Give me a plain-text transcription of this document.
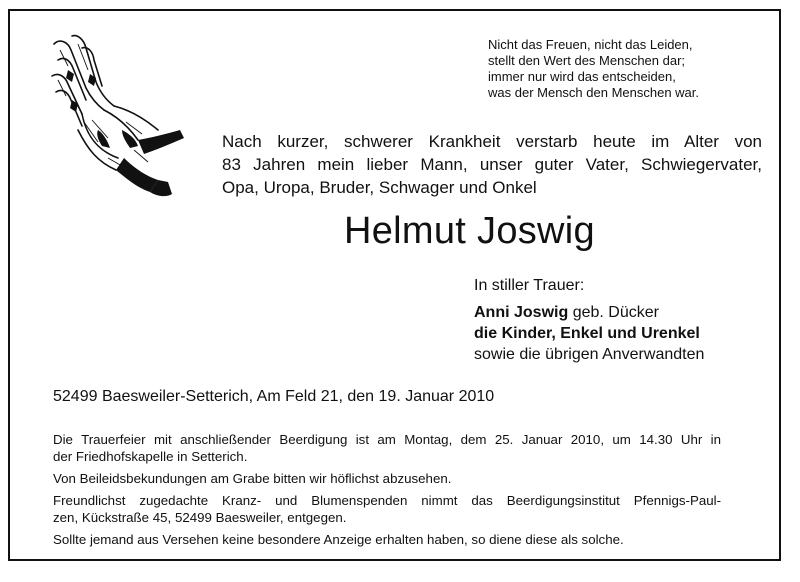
Nicht das Freuen, nicht das Leiden,
stellt den Wert des Menschen dar;
immer nur wird das entscheiden,
was der Mensch den Menschen war.
Nach kurzer, schwerer Krankheit verstarb heute im Alter von
83 Jahren mein lieber Mann, unser guter Vater, Schwiegervater,
Opa, Uropa, Bruder, Schwager und Onkel
Helmut Joswig
In stiller Trauer:
Anni Joswig geb. Dücker
die Kinder, Enkel und Urenkel
sowie die übrigen Anverwandten
52499 Baesweiler-Setterich, Am Feld 21, den 19. Januar 2010
Die Trauerfeier mit anschließender Beerdigung ist am Montag, dem 25. Januar 2010, um 14.30 Uhr in
der Friedhofskapelle in Setterich.
Von Beileidsbekundungen am Grabe bitten wir höflichst abzusehen.
Freundlichst zugedachte Kranz- und Blumenspenden nimmt das Beerdigungsinstitut Pfennigs-Paul-
zen, Kückstraße 45, 52499 Baesweiler, entgegen.
Sollte jemand aus Versehen keine besondere Anzeige erhalten haben, so diene diese als solche.
